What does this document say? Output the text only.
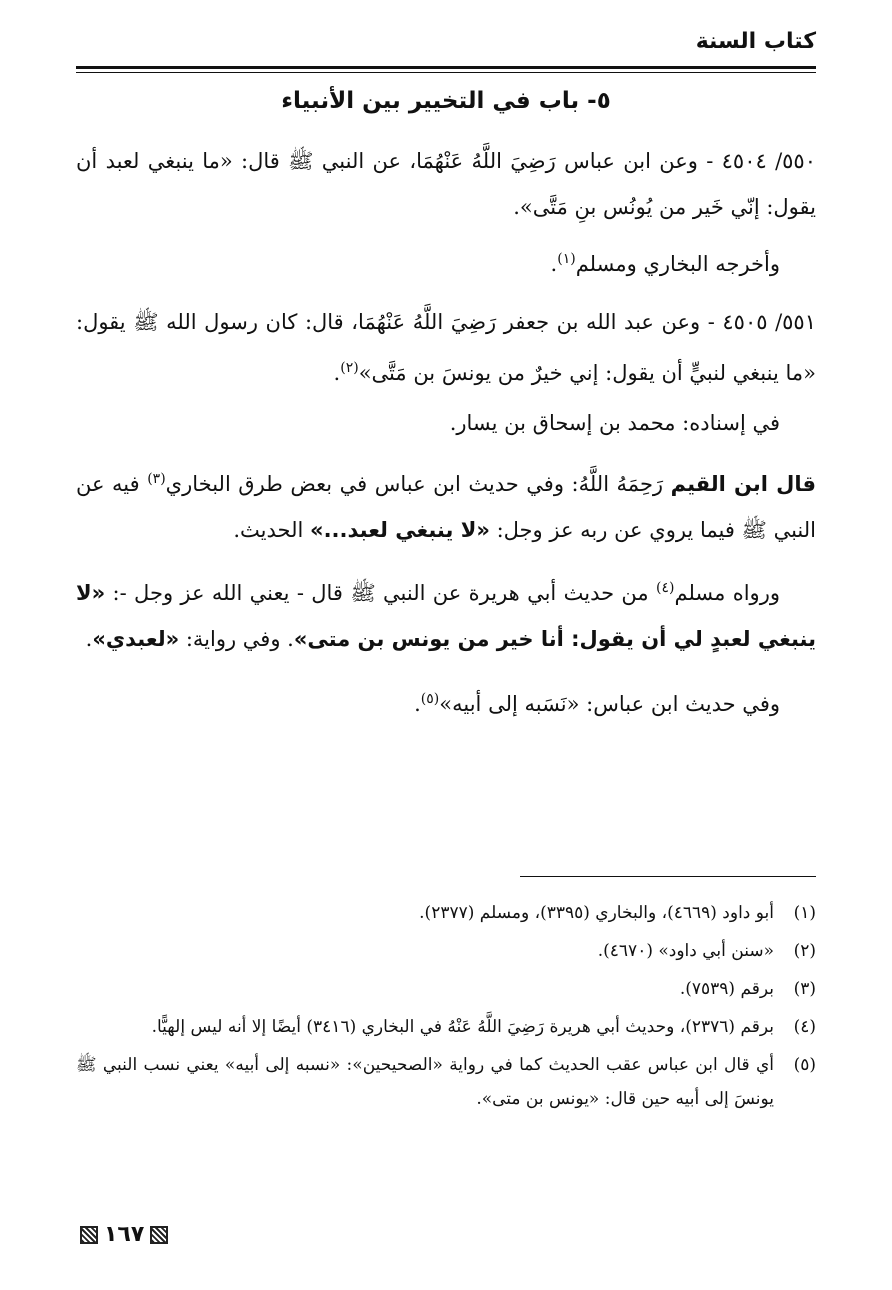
كتاب السنة
٥- باب في التخيير بين الأنبياء
٥٥٠/ ٤٥٠٤ - وعن ابن عباس رَضِيَ اللَّهُ عَنْهُمَا، عن النبي ﷺ قال: «ما ينبغي لعبد أن يقول: إنّي خَير من يُونُس بنِ مَتَّى».
وأخرجه البخاري ومسلم$^{(١)}$.
٥٥١/ ٤٥٠٥ - وعن عبد الله بن جعفر رَضِيَ اللَّهُ عَنْهُمَا، قال: كان رسول الله ﷺ يقول: «ما ينبغي لنبيٍّ أن يقول: إني خيرٌ من يونسَ بن مَتَّى»$^{(٢)}$.
في إسناده: محمد بن إسحاق بن يسار.
قال ابن القيم رَحِمَهُ اللَّهُ: وفي حديث ابن عباس في بعض طرق البخاري$^{(٣)}$ فيه عن النبي ﷺ فيما يروي عن ربه عز وجل: «لا ينبغي لعبد...» الحديث.
ورواه مسلم$^{(٤)}$ من حديث أبي هريرة عن النبي ﷺ قال - يعني الله عز وجل -: «لا ينبغي لعبدٍ لي أن يقول: أنا خير من يونس بن متى». وفي رواية: «لعبدي».
وفي حديث ابن عباس: «نَسَبه إلى أبيه»$^{(٥)}$.
(١)
أبو داود (٤٦٦٩)، والبخاري (٣٣٩٥)، ومسلم (٢٣٧٧).
(٢)
«سنن أبي داود» (٤٦٧٠).
(٣)
برقم (٧٥٣٩).
(٤)
برقم (٢٣٧٦)، وحديث أبي هريرة رَضِيَ اللَّهُ عَنْهُ في البخاري (٣٤١٦) أيضًا إلا أنه ليس إلهيًّا.
(٥)
أي قال ابن عباس عقب الحديث كما في رواية «الصحيحين»: «نسبه إلى أبيه» يعني نسب النبي ﷺ يونسَ إلى أبيه حين قال: «يونس بن متى».
١٦٧
